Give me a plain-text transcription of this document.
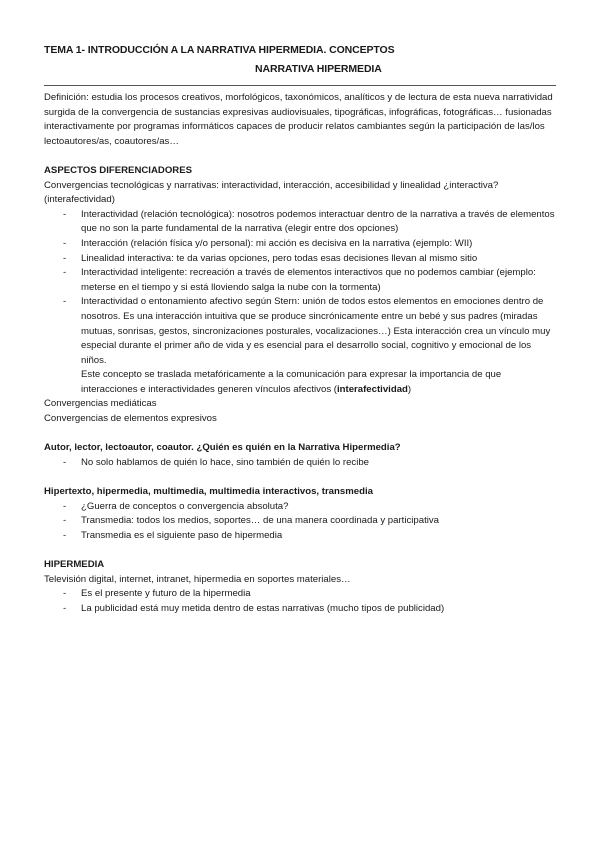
TEMA 1- INTRODUCCIÓN A LA NARRATIVA HIPERMEDIA. CONCEPTOS
NARRATIVA HIPERMEDIA

Definición: estudia los procesos creativos, morfológicos, taxonómicos, analíticos y de lectura de esta nueva narratividad surgida de la convergencia de sustancias expresivas audiovisuales, tipográficas, infográficas, fotográficas… fusionadas interactivamente por programas informáticos capaces de producir relatos cambiantes según la participación de las/los lectoautores/as, coautores/as…

ASPECTOS DIFERENCIADORES

Convergencias tecnológicas y narrativas: interactividad, interacción, accesibilidad y linealidad ¿interactiva? (interafectividad)

- Interactividad (relación tecnológica): nosotros podemos interactuar dentro de la narrativa a través de elementos que no son la parte fundamental de la narrativa (elegir entre dos opciones)
- Interacción (relación física y/o personal): mi acción es decisiva en la narrativa (ejemplo: WII)
- Linealidad interactiva: te da varias opciones, pero todas esas decisiones llevan al mismo sitio
- Interactividad inteligente: recreación a través de elementos interactivos que no podemos cambiar (ejemplo: meterse en el tiempo y si está lloviendo salga la nube con la tormenta)
- Interactividad o entonamiento afectivo según Stern: unión de todos estos elementos en emociones dentro de nosotros. Es una interacción intuitiva que se produce sincrónicamente entre un bebé y sus padres (miradas mutuas, sonrisas, gestos, sincronizaciones posturales, vocalizaciones…) Esta interacción crea un vínculo muy especial durante el primer año de vida y es esencial para el desarrollo social, cognitivo y emocional de los niños.

Este concepto se traslada metafóricamente a la comunicación para expresar la importancia de que interacciones e interactividades generen vínculos afectivos (interafectividad)

Convergencias mediáticas

Convergencias de elementos expresivos

Autor, lector, lectoautor, coautor. ¿Quién es quién en la Narrativa Hipermedia?

- No solo hablamos de quién lo hace, sino también de quién lo recibe

Hipertexto, hipermedia, multimedia, multimedia interactivos, transmedia

- ¿Guerra de conceptos o convergencia absoluta?
- Transmedia: todos los medios, soportes… de una manera coordinada y participativa
- Transmedia es el siguiente paso de hipermedia

HIPERMEDIA

Televisión digital, internet, intranet, hipermedia en soportes materiales…

- Es el presente y futuro de la hipermedia
- La publicidad está muy metida dentro de estas narrativas (mucho tipos de publicidad)
